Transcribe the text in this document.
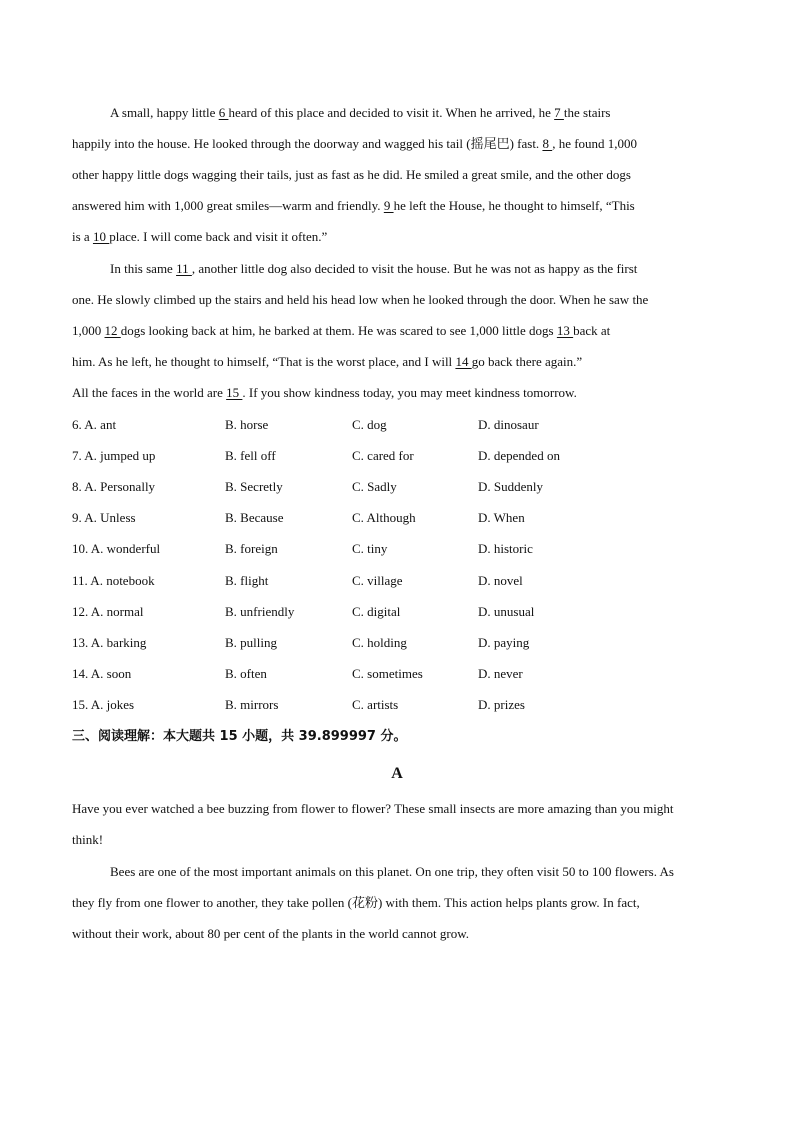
A small, happy little 6 heard of this place and decided to visit it. When he arrived, he 7 the stairs
happily into the house. He looked through the doorway and wagged his tail (摇尾巴) fast. 8 , he found 1,000
other happy little dogs wagging their tails, just as fast as he did. He smiled a great smile, and the other dogs
answered him with 1,000 great smiles—warm and friendly. 9 he left the House, he thought to himself, “This
is a 10 place. I will come back and visit it often.”
In this same 11 , another little dog also decided to visit the house. But he was not as happy as the first
one. He slowly climbed up the stairs and held his head low when he looked through the door. When he saw the
1,000 12 dogs looking back at him, he barked at them. He was scared to see 1,000 little dogs 13 back at
him. As he left, he thought to himself, “That is the worst place, and I will 14 go back there again.”
All the faces in the world are 15 . If you show kindness today, you may meet kindness tomorrow.
6. A. ant	B. horse	C. dog	D. dinosaur
7. A. jumped up	B. fell off	C. cared for	D. depended on
8. A. Personally	B. Secretly	C. Sadly	D. Suddenly
9. A. Unless	B. Because	C. Although	D. When
10. A. wonderful	B. foreign	C. tiny	D. historic
11. A. notebook	B. flight	C. village	D. novel
12. A. normal	B. unfriendly	C. digital	D. unusual
13. A. barking	B. pulling	C. holding	D. paying
14. A. soon	B. often	C. sometimes	D. never
15. A. jokes	B. mirrors	C. artists	D. prizes
三、阅读理解：本大题共 15 小题，共 39.899997 分。
A
Have you ever watched a bee buzzing from flower to flower? These small insects are more amazing than you might
think!
Bees are one of the most important animals on this planet. On one trip, they often visit 50 to 100 flowers. As
they fly from one flower to another, they take pollen (花粉) with them. This action helps plants grow. In fact,
without their work, about 80 per cent of the plants in the world cannot grow.
